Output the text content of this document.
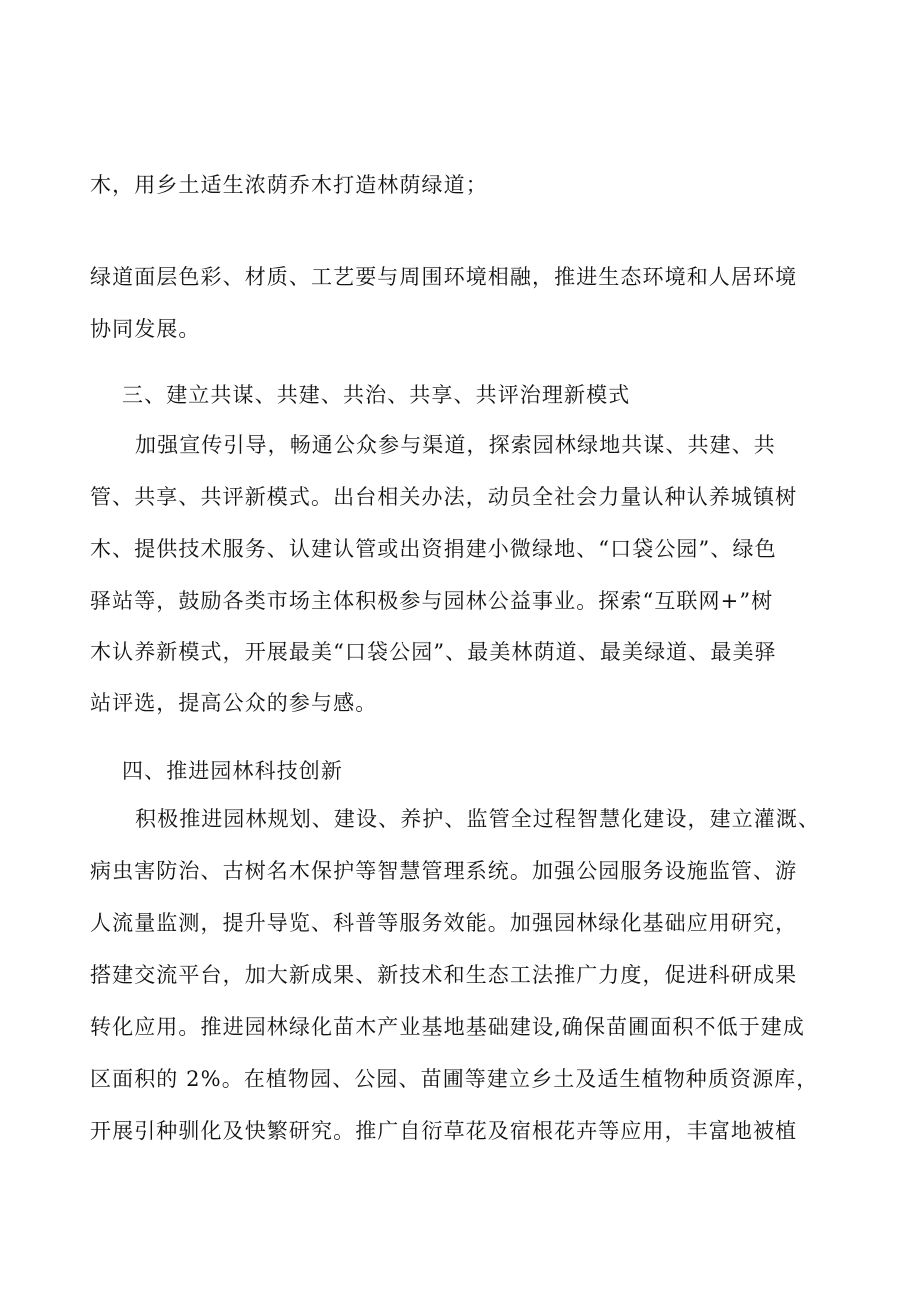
木，用乡土适生浓荫乔木打造林荫绿道；
绿道面层色彩、材质、工艺要与周围环境相融，推进生态环境和人居环境
协同发展。
三、建立共谋、共建、共治、共享、共评治理新模式
加强宣传引导，畅通公众参与渠道，探索园林绿地共谋、共建、共
管、共享、共评新模式。出台相关办法，动员全社会力量认种认养城镇树
木、提供技术服务、认建认管或出资捐建小微绿地、“口袋公园”、绿色
驿站等，鼓励各类市场主体积极参与园林公益事业。探索“互联网+”树
木认养新模式，开展最美“口袋公园”、最美林荫道、最美绿道、最美驿
站评选，提高公众的参与感。
四、推进园林科技创新
积极推进园林规划、建设、养护、监管全过程智慧化建设，建立灌溉、
病虫害防治、古树名木保护等智慧管理系统。加强公园服务设施监管、游
人流量监测，提升导览、科普等服务效能。加强园林绿化基础应用研究，
搭建交流平台，加大新成果、新技术和生态工法推广力度，促进科研成果
转化应用。推进园林绿化苗木产业基地基础建设,确保苗圃面积不低于建成
区面积的 2%。在植物园、公园、苗圃等建立乡土及适生植物种质资源库，
开展引种驯化及快繁研究。推广自衍草花及宿根花卉等应用，丰富地被植
